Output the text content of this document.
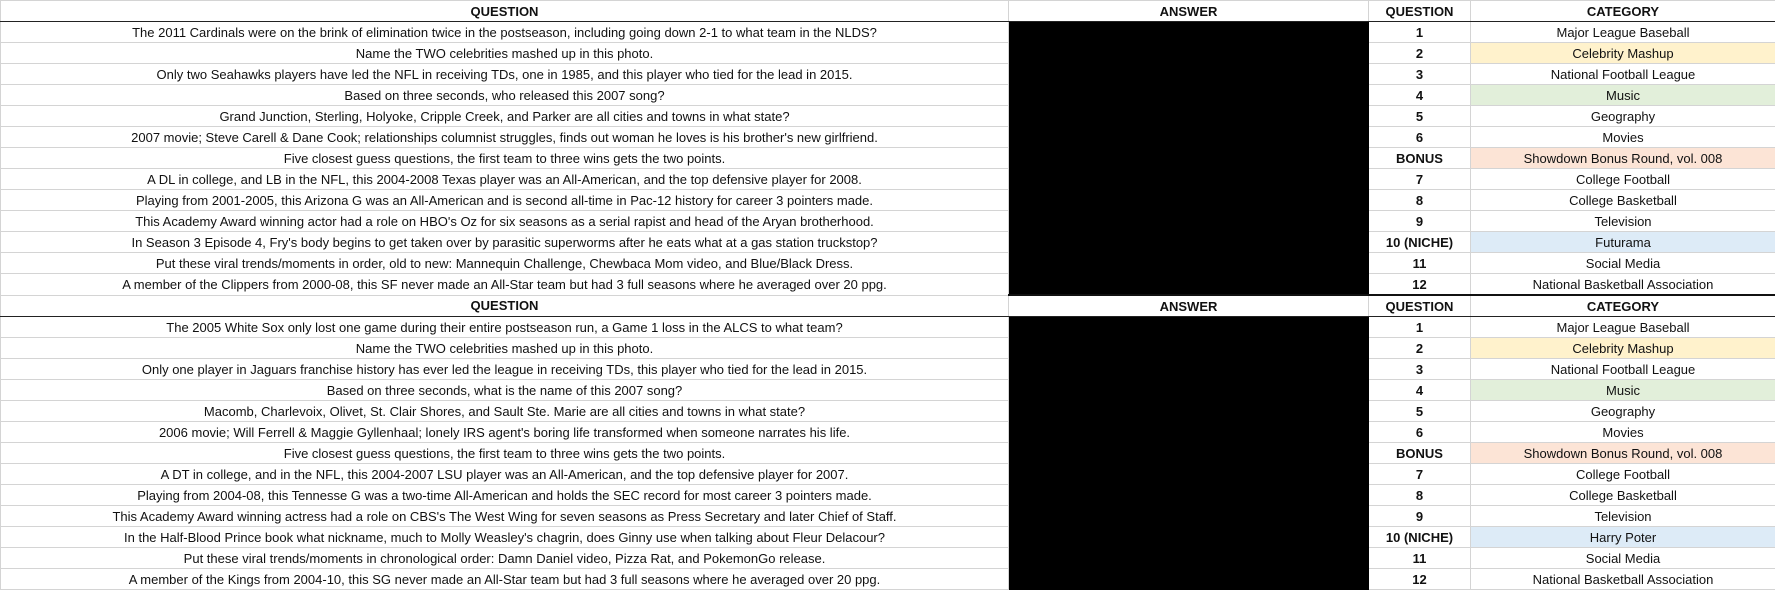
QUESTION	ANSWER	QUESTION	CATEGORY
The 2011 Cardinals were on the brink of elimination twice in the postseason, including going down 2-1 to what team in the NLDS?		1	Major League Baseball
Name the TWO celebrities mashed up in this photo.		2	Celebrity Mashup
Only two Seahawks players have led the NFL in receiving TDs, one in 1985, and this player who tied for the lead in 2015.		3	National Football League
Based on three seconds, who released this 2007 song?		4	Music
Grand Junction, Sterling, Holyoke, Cripple Creek, and Parker are all cities and towns in what state?		5	Geography
2007 movie; Steve Carell & Dane Cook; relationships columnist struggles, finds out woman he loves is his brother's new girlfriend.		6	Movies
Five closest guess questions, the first team to three wins gets the two points.		BONUS	Showdown Bonus Round, vol. 008
A DL in college, and LB in the NFL, this 2004-2008 Texas player was an All-American, and the top defensive player for 2008.		7	College Football
Playing from 2001-2005, this Arizona G was an All-American and is second all-time in Pac-12 history for career 3 pointers made.		8	College Basketball
This Academy Award winning actor had a role on HBO's Oz for six seasons as a serial rapist and head of the Aryan brotherhood.		9	Television
In Season 3 Episode 4, Fry's body begins to get taken over by parasitic superworms after he eats what at a gas station truckstop?		10 (NICHE)	Futurama
Put these viral trends/moments in order, old to new: Mannequin Challenge, Chewbaca Mom video, and Blue/Black Dress.		11	Social Media
A member of the Clippers from 2000-08, this SF never made an All-Star team but had 3 full seasons where he averaged over 20 ppg.		12	National Basketball Association
QUESTION	ANSWER	QUESTION	CATEGORY
The 2005 White Sox only lost one game during their entire postseason run, a Game 1 loss in the ALCS to what team?		1	Major League Baseball
Name the TWO celebrities mashed up in this photo.		2	Celebrity Mashup
Only one player in Jaguars franchise history has ever led the league in receiving TDs, this player who tied for the lead in 2015.		3	National Football League
Based on three seconds, what is the name of this 2007 song?		4	Music
Macomb, Charlevoix, Olivet, St. Clair Shores, and Sault Ste. Marie are all cities and towns in what state?		5	Geography
2006 movie; Will Ferrell & Maggie Gyllenhaal; lonely IRS agent's boring life transformed when someone narrates his life.		6	Movies
Five closest guess questions, the first team to three wins gets the two points.		BONUS	Showdown Bonus Round, vol. 008
A DT in college, and in the NFL, this 2004-2007 LSU player was an All-American, and the top defensive player for 2007.		7	College Football
Playing from 2004-08, this Tennesse G was a two-time All-American and holds the SEC record for most career 3 pointers made.		8	College Basketball
This Academy Award winning actress had a role on CBS's The West Wing for seven seasons as Press Secretary and later Chief of Staff.		9	Television
In the Half-Blood Prince book what nickname, much to Molly Weasley's chagrin, does Ginny use when talking about Fleur Delacour?		10 (NICHE)	Harry Poter
Put these viral trends/moments in chronological order: Damn Daniel video, Pizza Rat, and PokemonGo release.		11	Social Media
A member of the Kings from 2004-10, this SG never made an All-Star team but had 3 full seasons where he averaged over 20 ppg.		12	National Basketball Association
